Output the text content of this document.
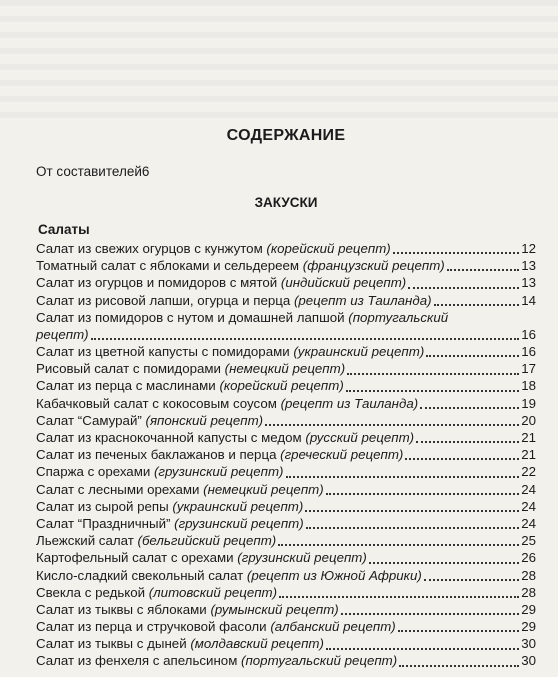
СОДЕРЖАНИЕ
От составителей 6
ЗАКУСКИ
Салаты
Салат из свежих огурцов с кунжутом (корейский рецепт)	12
Томатный салат с яблоками и сельдереем (французский рецепт)	13
Салат из огурцов и помидоров с мятой (индийский рецепт)	13
Салат из рисовой лапши, огурца и перца (рецепт из Таиланда)	14
Салат из помидоров с нутом и домашней лапшой (португальский
рецепт)	16
Салат из цветной капусты с помидорами (украинский рецепт)	16
Рисовый салат с помидорами (немецкий рецепт)	17
Салат из перца с маслинами (корейский рецепт)	18
Кабачковый салат с кокосовым соусом (рецепт из Таиланда)	19
Салат “Самурай” (японский рецепт)	20
Салат из краснокочанной капусты с медом (русский рецепт)	21
Салат из печеных баклажанов и перца (греческий рецепт)	21
Спаржа с орехами (грузинский рецепт)	22
Салат с лесными орехами (немецкий рецепт)	24
Салат из сырой репы (украинский рецепт)	24
Салат “Праздничный” (грузинский рецепт)	24
Льежский салат (бельгийский рецепт)	25
Картофельный салат с орехами (грузинский рецепт)	26
Кисло-сладкий свекольный салат (рецепт из Южной Африки)	28
Свекла с редькой (литовский рецепт)	28
Салат из тыквы с яблоками (румынский рецепт)	29
Салат из перца и стручковой фасоли (албанский рецепт)	29
Салат из тыквы с дыней (молдавский рецепт)	30
Салат из фенхеля с апельсином (португальский рецепт)	30
